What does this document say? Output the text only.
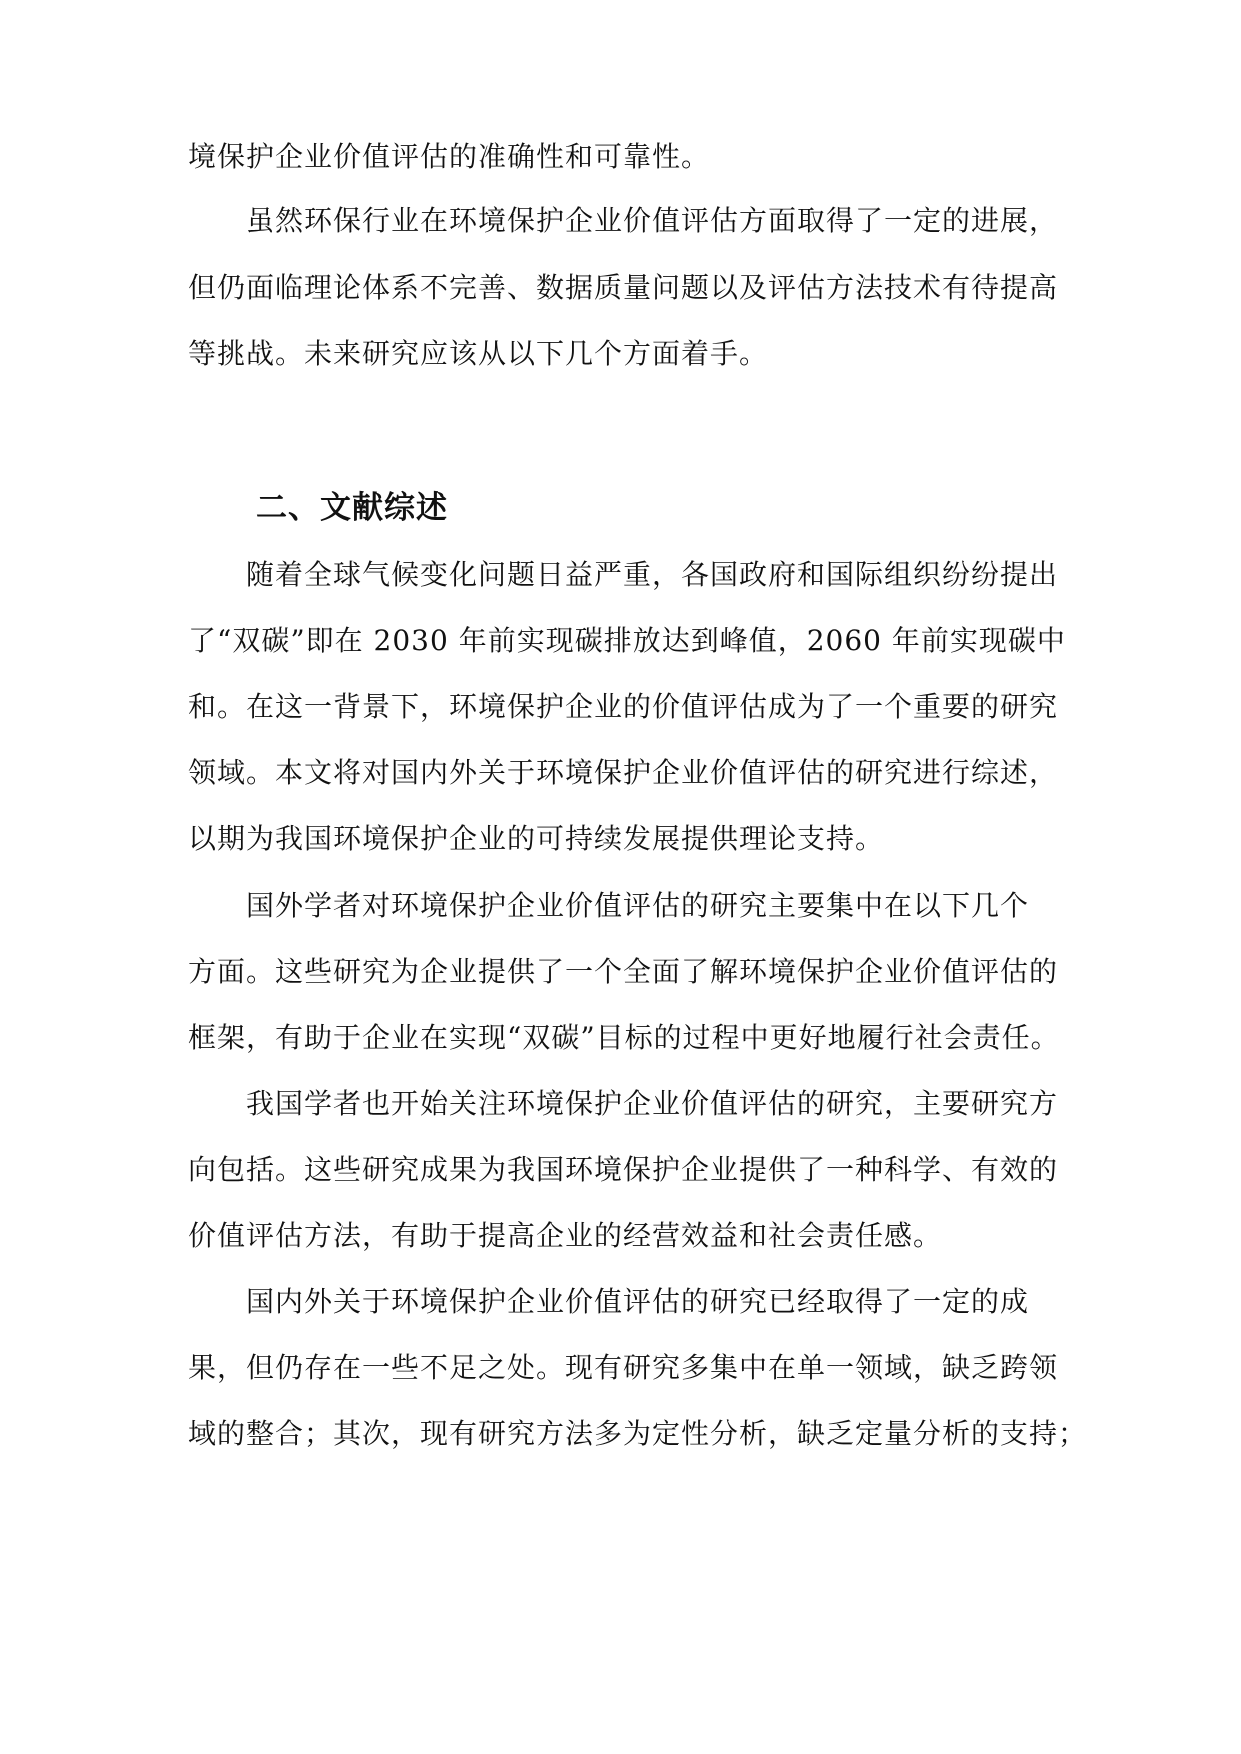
境保护企业价值评估的准确性和可靠性。
虽然环保行业在环境保护企业价值评估方面取得了一定的进展，
但仍面临理论体系不完善、数据质量问题以及评估方法技术有待提高
等挑战。未来研究应该从以下几个方面着手。
二、文献综述
随着全球气候变化问题日益严重，各国政府和国际组织纷纷提出
了“双碳”即在 2030 年前实现碳排放达到峰值，2060 年前实现碳中
和。在这一背景下，环境保护企业的价值评估成为了一个重要的研究
领域。本文将对国内外关于环境保护企业价值评估的研究进行综述，
以期为我国环境保护企业的可持续发展提供理论支持。
国外学者对环境保护企业价值评估的研究主要集中在以下几个
方面。这些研究为企业提供了一个全面了解环境保护企业价值评估的
框架，有助于企业在实现“双碳”目标的过程中更好地履行社会责任。
我国学者也开始关注环境保护企业价值评估的研究，主要研究方
向包括。这些研究成果为我国环境保护企业提供了一种科学、有效的
价值评估方法，有助于提高企业的经营效益和社会责任感。
国内外关于环境保护企业价值评估的研究已经取得了一定的成
果，但仍存在一些不足之处。现有研究多集中在单一领域，缺乏跨领
域的整合；其次，现有研究方法多为定性分析，缺乏定量分析的支持；
